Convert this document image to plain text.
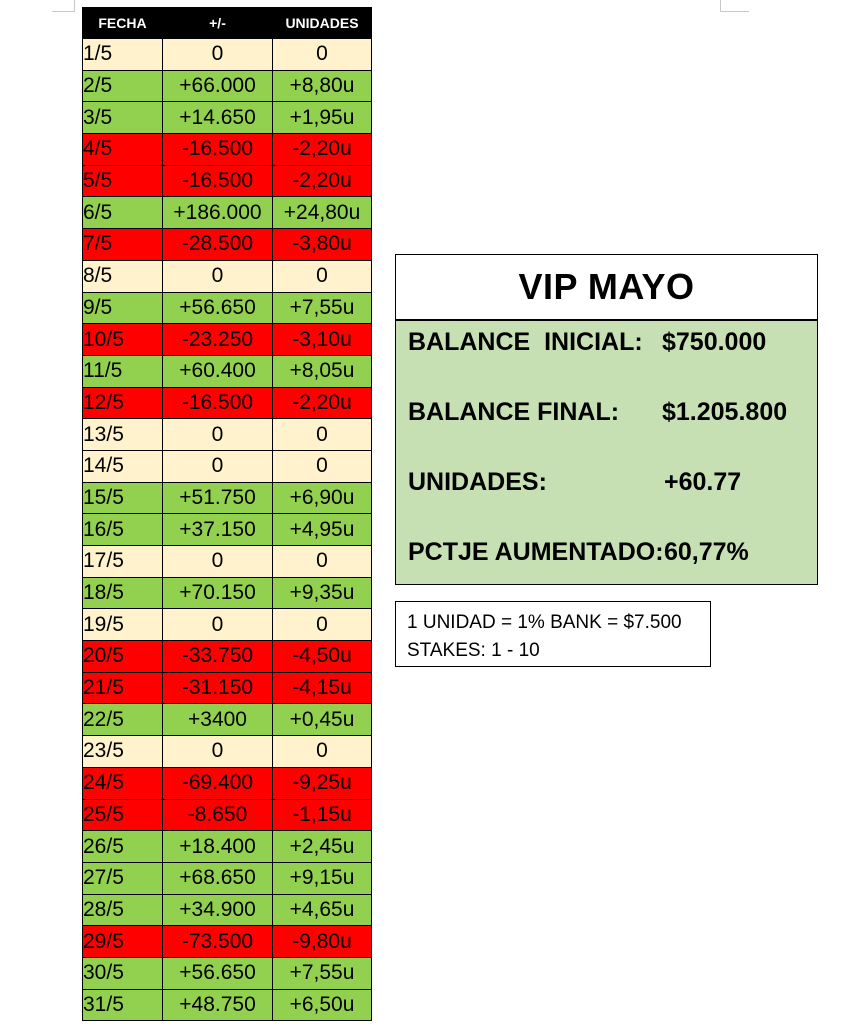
FECHA	+/-	UNIDADES
1/5	0	0
2/5	+66.000	+8,80u
3/5	+14.650	+1,95u
4/5	-16.500	-2,20u
5/5	-16.500	-2,20u
6/5	+186.000	+24,80u
7/5	-28.500	-3,80u
8/5	0	0
9/5	+56.650	+7,55u
10/5	-23.250	-3,10u
11/5	+60.400	+8,05u
12/5	-16.500	-2,20u
13/5	0	0
14/5	0	0
15/5	+51.750	+6,90u
16/5	+37.150	+4,95u
17/5	0	0
18/5	+70.150	+9,35u
19/5	0	0
20/5	-33.750	-4,50u
21/5	-31.150	-4,15u
22/5	+3400	+0,45u
23/5	0	0
24/5	-69.400	-9,25u
25/5	-8.650	-1,15u
26/5	+18.400	+2,45u
27/5	+68.650	+9,15u
28/5	+34.900	+4,65u
29/5	-73.500	-9,80u
30/5	+56.650	+7,55u
31/5	+48.750	+6,50u
VIP MAYO
BALANCE  INICIAL: $750.000
BALANCE FINAL: $1.205.800
UNIDADES:	+60.77
PCTJE AUMENTADO: 60,77%
1 UNIDAD = 1% BANK = $7.500
STAKES: 1 - 10
